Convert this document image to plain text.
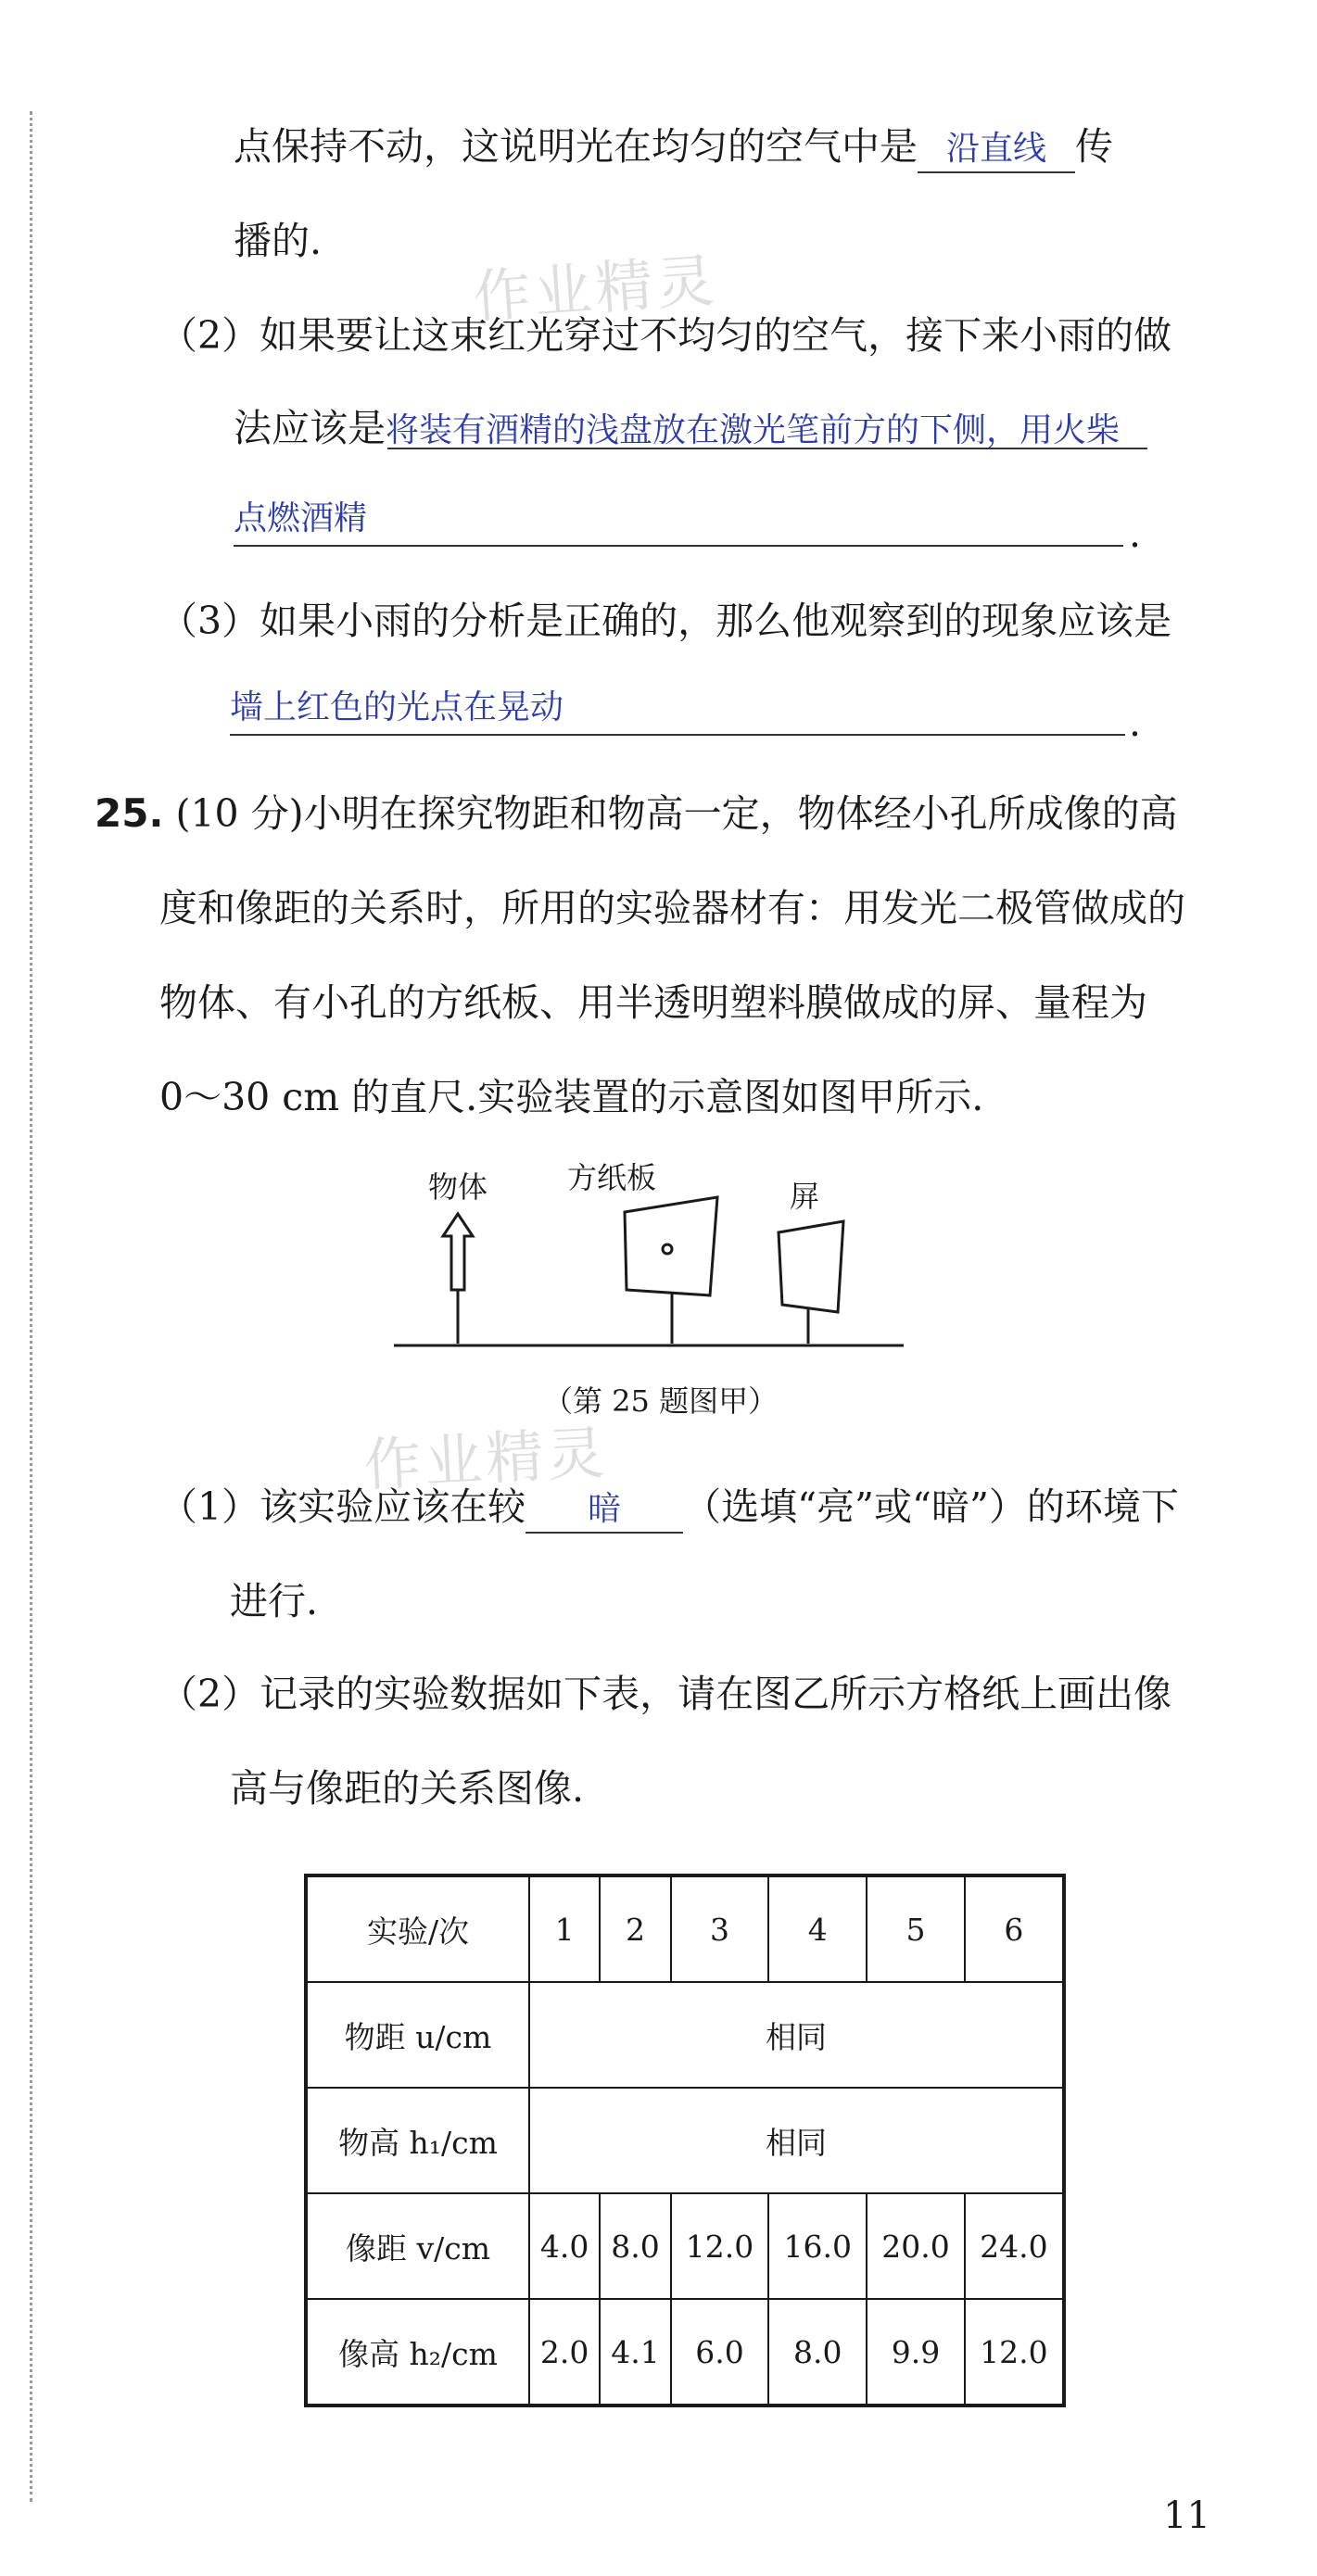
作业精灵
作业精灵
点保持不动，这说明光在均匀的空气中是 沿直线 传
播的.
（2）如果要让这束红光穿过不均匀的空气，接下来小雨的做
法应该是将装有酒精的浅盘放在激光笔前方的下侧，用火柴
点燃酒精	.
（3）如果小雨的分析是正确的，那么他观察到的现象应该是
墙上红色的光点在晃动	.
25. (10 分)小明在探究物距和物高一定，物体经小孔所成像的高
度和像距的关系时，所用的实验器材有：用发光二极管做成的
物体、有小孔的方纸板、用半透明塑料膜做成的屏、量程为
0～30 cm 的直尺.实验装置的示意图如图甲所示.
物体	方纸板
屏
（第 25 题图甲）
（1）该实验应该在较 暗 （选填“亮”或“暗”）的环境下
进行.
（2）记录的实验数据如下表，请在图乙所示方格纸上画出像
高与像距的关系图像.
实验/次	1	2	3	4	5	6
物距 u/cm	相同					
物高 h₁/cm	相同					
像距 v/cm	4.0	8.0	12.0	16.0	20.0	24.0
像高 h₂/cm	2.0	4.1	6.0	8.0	9.9	12.0
11
